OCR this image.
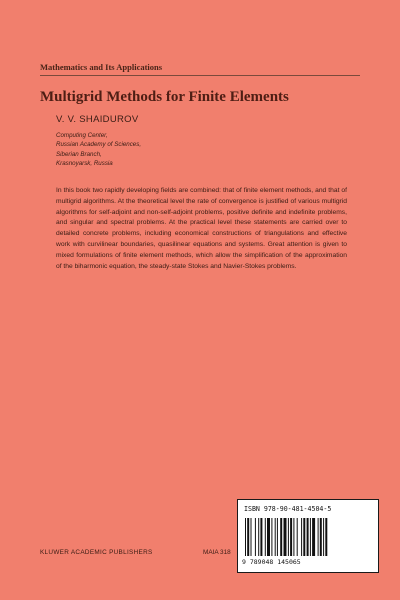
Mathematics and Its Applications
Multigrid Methods for Finite Elements
V. V. SHAIDUROV
Computing Center,
Russian Academy of Sciences,
Siberian Branch,
Krasnoyarsk, Russia
In this book two rapidly developing fields are combined: that of finite element methods, and that of multigrid algorithms. At the theoretical level the rate of convergence is justified of various multigrid algorithms for self-adjoint and non-self-adjoint problems, positive definite and indefinite problems, and singular and spectral problems. At the practical level these statements are carried over to detailed concrete problems, including economical constructions of triangulations and effective work with curvilinear boundaries, quasilinear equations and systems. Great attention is given to mixed formulations of finite element methods, which allow the simplification of the approximation of the biharmonic equation, the steady-state Stokes and Navier-Stokes problems.
ISBN 978-90-481-4504-5
9 789048 145065
KLUWER ACADEMIC PUBLISHERS	MAIA 318
